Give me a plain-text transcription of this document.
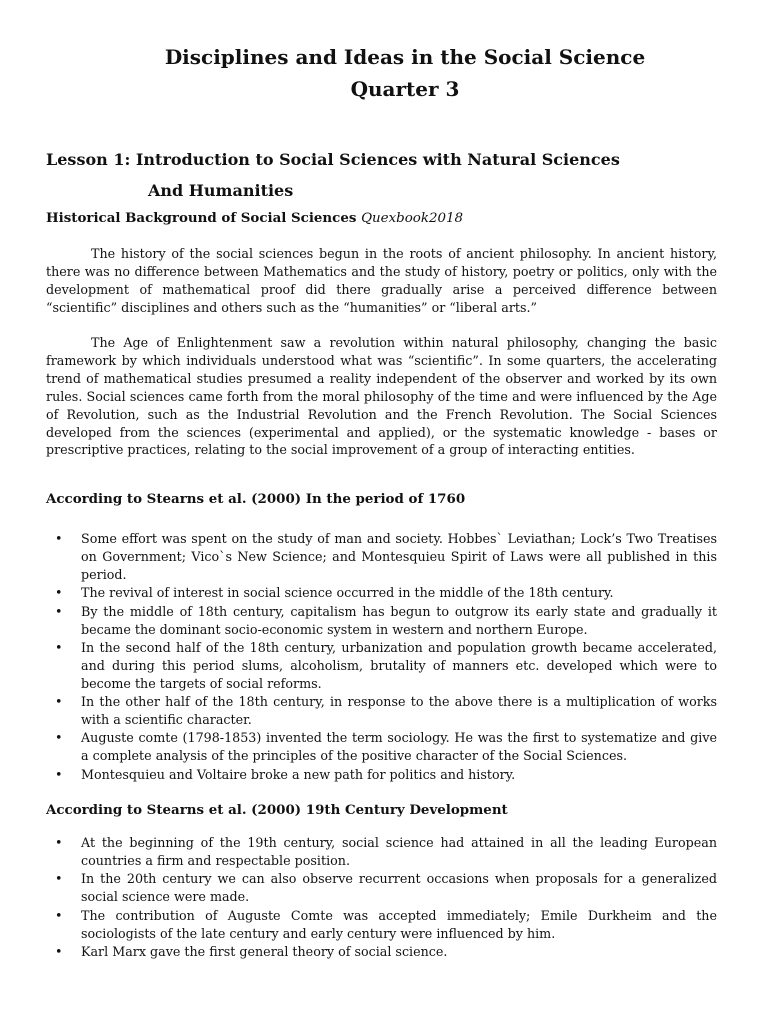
Disciplines and Ideas in the Social Science
Quarter 3
Lesson 1: Introduction to Social Sciences with Natural Sciences
And Humanities
Historical Background of Social Sciences Quexbook2018

The history of the social sciences begun in the roots of ancient philosophy. In ancient history, there was no difference between Mathematics and the study of history, poetry or politics, only with the development of mathematical proof did there gradually arise a perceived difference between “scientific” disciplines and others such as the “humanities” or “liberal arts.”

The Age of Enlightenment saw a revolution within natural philosophy, changing the basic framework by which individuals understood what was “scientific”. In some quarters, the accelerating trend of mathematical studies presumed a reality independent of the observer and worked by its own rules. Social sciences came forth from the moral philosophy of the time and were influenced by the Age of Revolution, such as the Industrial Revolution and the French Revolution. The Social Sciences developed from the sciences (experimental and applied), or the systematic knowledge - bases or prescriptive practices, relating to the social improvement of a group of interacting entities.

According to Stearns et al. (2000) In the period of 1760
• Some effort was spent on the study of man and society. Hobbes` Leviathan; Lock’s Two Treatises on Government; Vico`s New Science; and Montesquieu Spirit of Laws were all published in this period.
• The revival of interest in social science occurred in the middle of the 18th century.
• By the middle of 18th century, capitalism has begun to outgrow its early state and gradually it became the dominant socio-economic system in western and northern Europe.
• In the second half of the 18th century, urbanization and population growth became accelerated, and during this period slums, alcoholism, brutality of manners etc. developed which were to become the targets of social reforms.
• In the other half of the 18th century, in response to the above there is a multiplication of works with a scientific character.
• Auguste comte (1798-1853) invented the term sociology. He was the first to systematize and give a complete analysis of the principles of the positive character of the Social Sciences.
• Montesquieu and Voltaire broke a new path for politics and history.
According to Stearns et al. (2000) 19th Century Development
• At the beginning of the 19th century, social science had attained in all the leading European countries a firm and respectable position.
• In the 20th century we can also observe recurrent occasions when proposals for a generalized social science were made.
• The contribution of Auguste Comte was accepted immediately; Emile Durkheim and the sociologists of the late century and early century were influenced by him.
• Karl Marx gave the first general theory of social science.
